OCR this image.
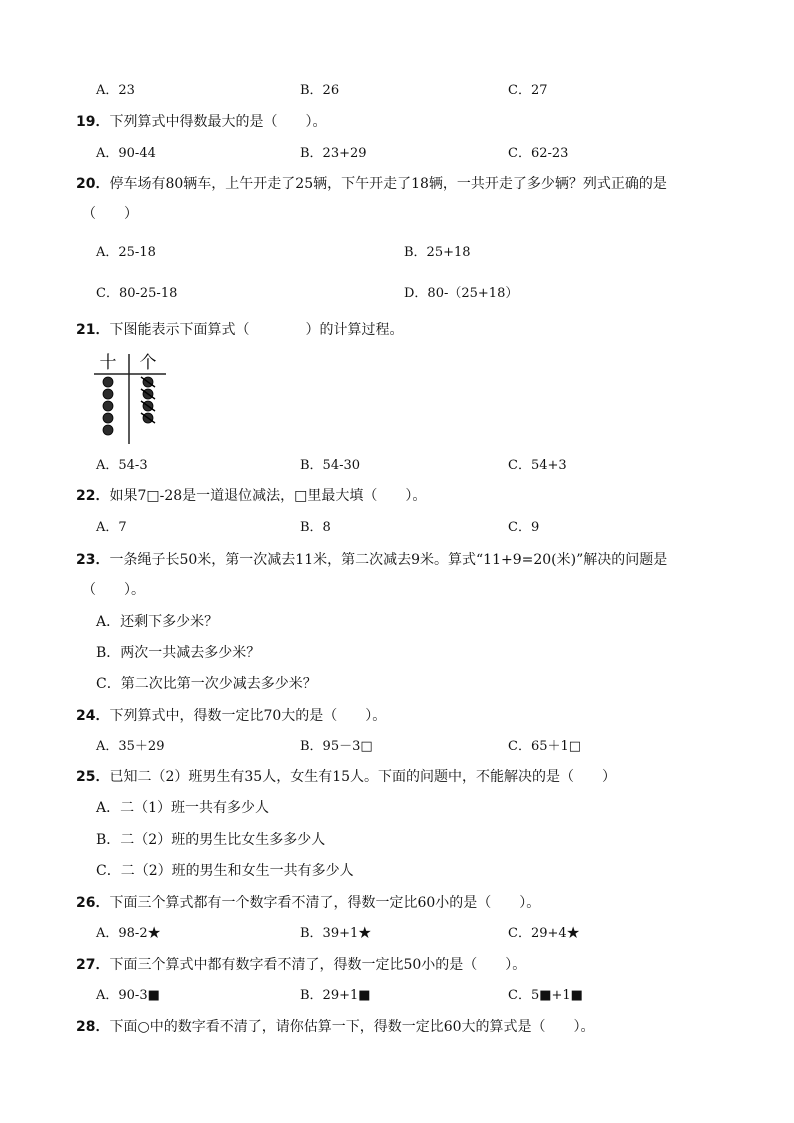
A．23	B．26	C．27
19．下列算式中得数最大的是（　　）。
A．90-44	B．23+29	C．62-23
20．停车场有80辆车，上午开走了25辆，下午开走了18辆，一共开走了多少辆？列式正确的是
（　　）
A．25-18	B．25+18
C．80-25-18	D．80-（25+18）
21．下图能表示下面算式（　　　　）的计算过程。
十 个
A．54-3	B．54-30	C．54+3
22．如果7□-28是一道退位减法，□里最大填（　　）。
A．7	B．8	C．9
23．一条绳子长50米，第一次减去11米，第二次减去9米。算式“11+9=20(米)”解决的问题是
（　　）。
A．还剩下多少米？
B．两次一共减去多少米？
C．第二次比第一次少减去多少米？
24．下列算式中，得数一定比70大的是（　　）。
A．35＋29	B．95－3□	C．65＋1□
25．已知二（2）班男生有35人，女生有15人。下面的问题中，不能解决的是（　　）
A．二（1）班一共有多少人
B．二（2）班的男生比女生多多少人
C．二（2）班的男生和女生一共有多少人
26．下面三个算式都有一个数字看不清了，得数一定比60小的是（　　）。
A．98-2★	B．39+1★	C．29+4★
27．下面三个算式中都有数字看不清了，得数一定比50小的是（　　）。
A．90-3■	B．29+1■	C．5■+1■
28．下面○中的数字看不清了，请你估算一下，得数一定比60大的算式是（　　）。
